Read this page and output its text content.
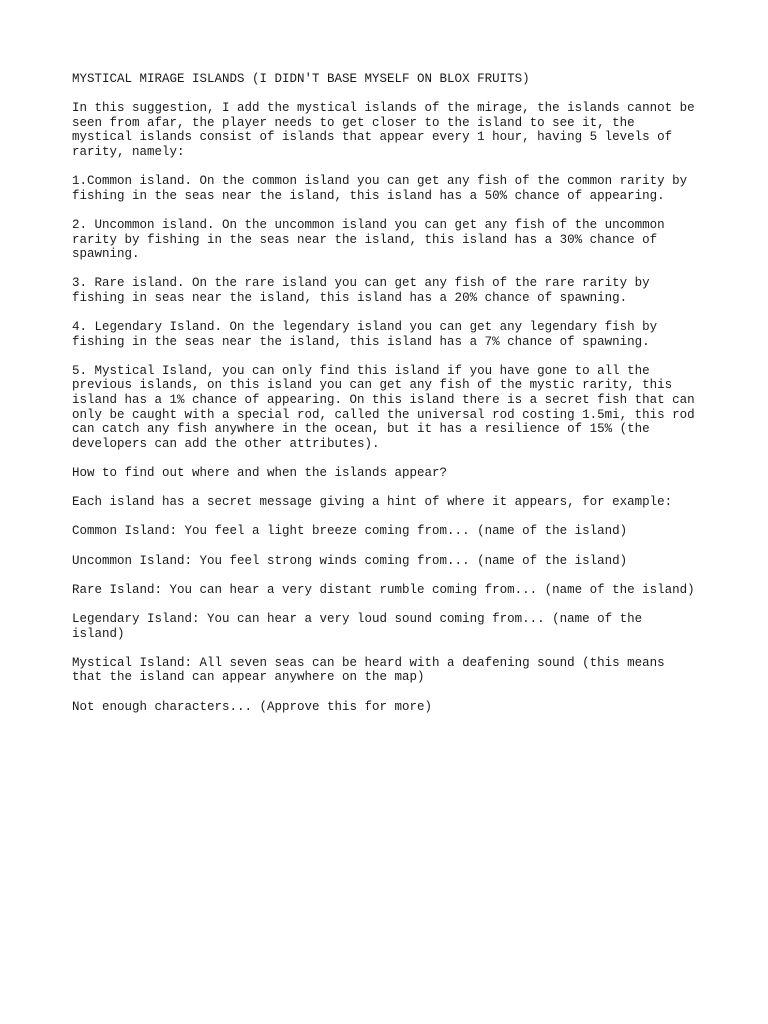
MYSTICAL MIRAGE ISLANDS (I DIDN'T BASE MYSELF ON BLOX FRUITS)

In this suggestion, I add the mystical islands of the mirage, the islands cannot be
seen from afar, the player needs to get closer to the island to see it, the
mystical islands consist of islands that appear every 1 hour, having 5 levels of
rarity, namely:

1.Common island. On the common island you can get any fish of the common rarity by
fishing in the seas near the island, this island has a 50% chance of appearing.

2. Uncommon island. On the uncommon island you can get any fish of the uncommon
rarity by fishing in the seas near the island, this island has a 30% chance of
spawning.

3. Rare island. On the rare island you can get any fish of the rare rarity by
fishing in seas near the island, this island has a 20% chance of spawning.

4. Legendary Island. On the legendary island you can get any legendary fish by
fishing in the seas near the island, this island has a 7% chance of spawning.

5. Mystical Island, you can only find this island if you have gone to all the
previous islands, on this island you can get any fish of the mystic rarity, this
island has a 1% chance of appearing. On this island there is a secret fish that can
only be caught with a special rod, called the universal rod costing 1.5mi, this rod
can catch any fish anywhere in the ocean, but it has a resilience of 15% (the
developers can add the other attributes).

How to find out where and when the islands appear?

Each island has a secret message giving a hint of where it appears, for example:

Common Island: You feel a light breeze coming from... (name of the island)

Uncommon Island: You feel strong winds coming from... (name of the island)

Rare Island: You can hear a very distant rumble coming from... (name of the island)

Legendary Island: You can hear a very loud sound coming from... (name of the
island)

Mystical Island: All seven seas can be heard with a deafening sound (this means
that the island can appear anywhere on the map)

Not enough characters... (Approve this for more)
